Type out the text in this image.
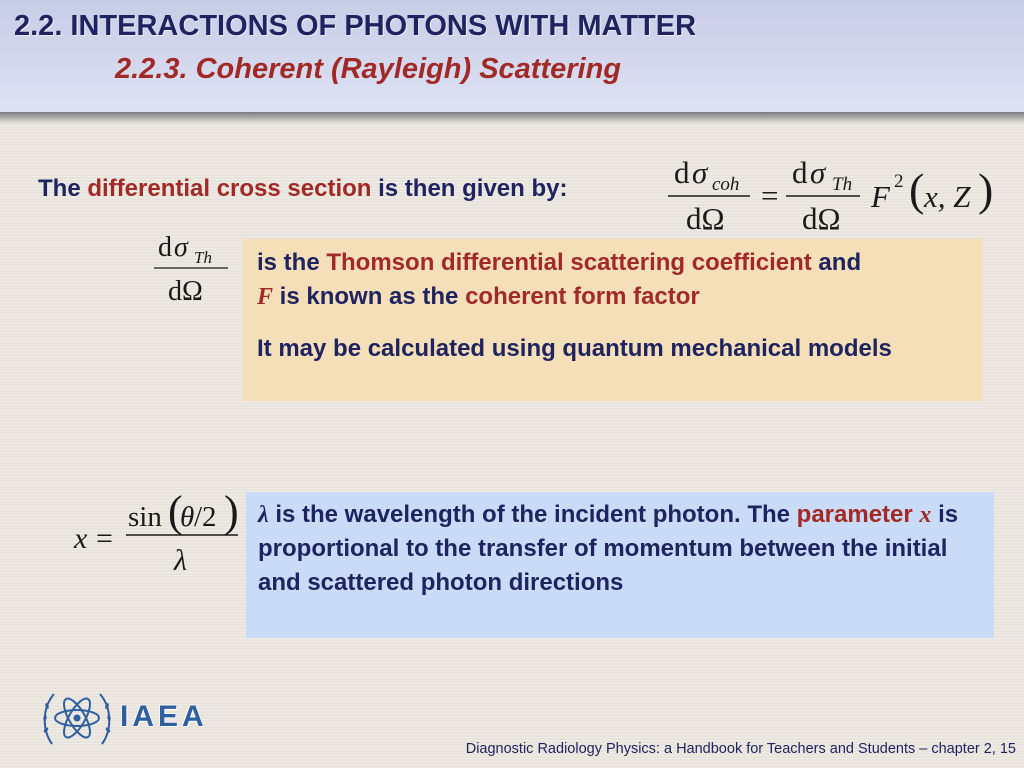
2.2. INTERACTIONS OF PHOTONS WITH MATTER
2.2.3. Coherent (Rayleigh) Scattering
The differential cross section is then given by:	d σ coh
dΩ
=
d σ Th
dΩ
F 2 ( x, Z )
d σ Th
dΩ

is the Thomson differential scattering coefficient and
F is known as the coherent form factor

It may be calculated using quantum mechanical models

x =
sin (
θ /2 )
λ

λ is the wavelength of the incident photon. The parameter x is proportional to the transfer of momentum between the initial and scattered photon directions

IAEA
Diagnostic Radiology Physics: a Handbook for Teachers and Students – chapter 2, 15
